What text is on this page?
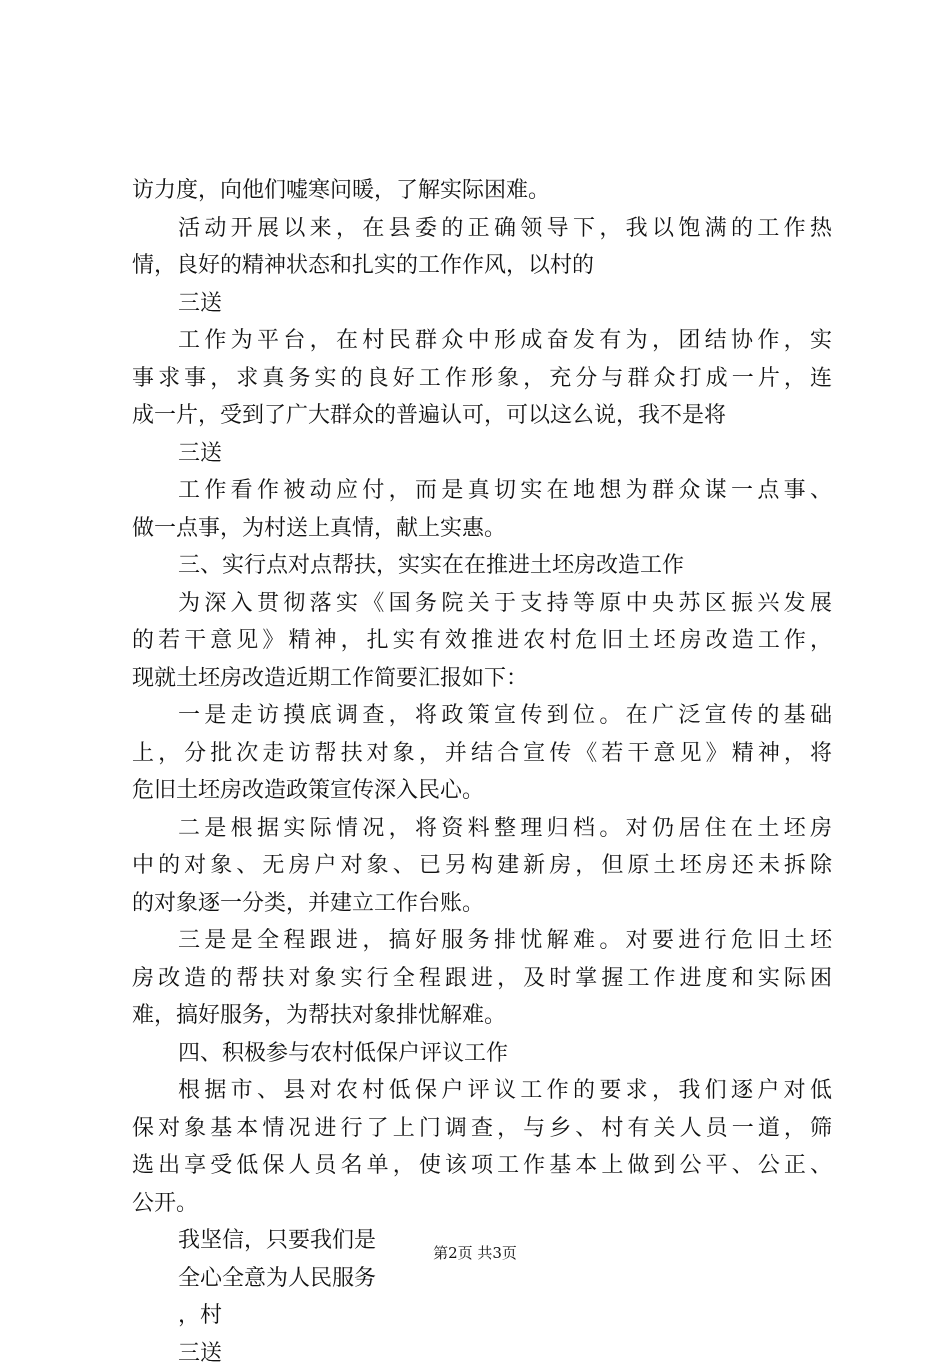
访力度，向他们嘘寒问暖，了解实际困难。
活动开展以来，在县委的正确领导下，我以饱满的工作热
情，良好的精神状态和扎实的工作作风，以村的
三送
工作为平台，在村民群众中形成奋发有为，团结协作，实
事求事，求真务实的良好工作形象，充分与群众打成一片，连
成一片，受到了广大群众的普遍认可，可以这么说，我不是将
三送
工作看作被动应付，而是真切实在地想为群众谋一点事、
做一点事，为村送上真情，献上实惠。
三、实行点对点帮扶，实实在在推进土坯房改造工作
为深入贯彻落实《国务院关于支持等原中央苏区振兴发展
的若干意见》精神，扎实有效推进农村危旧土坯房改造工作，
现就土坯房改造近期工作简要汇报如下：
一是走访摸底调查，将政策宣传到位。在广泛宣传的基础
上，分批次走访帮扶对象，并结合宣传《若干意见》精神，将
危旧土坯房改造政策宣传深入民心。
二是根据实际情况，将资料整理归档。对仍居住在土坯房
中的对象、无房户对象、已另构建新房，但原土坯房还未拆除
的对象逐一分类，并建立工作台账。
三是是全程跟进，搞好服务排忧解难。对要进行危旧土坯
房改造的帮扶对象实行全程跟进，及时掌握工作进度和实际困
难，搞好服务，为帮扶对象排忧解难。
四、积极参与农村低保户评议工作
根据市、县对农村低保户评议工作的要求，我们逐户对低
保对象基本情况进行了上门调查，与乡、村有关人员一道，筛
选出享受低保人员名单，使该项工作基本上做到公平、公正、
公开。
我坚信，只要我们是
全心全意为人民服务
，村
三送
第2页 共3页
